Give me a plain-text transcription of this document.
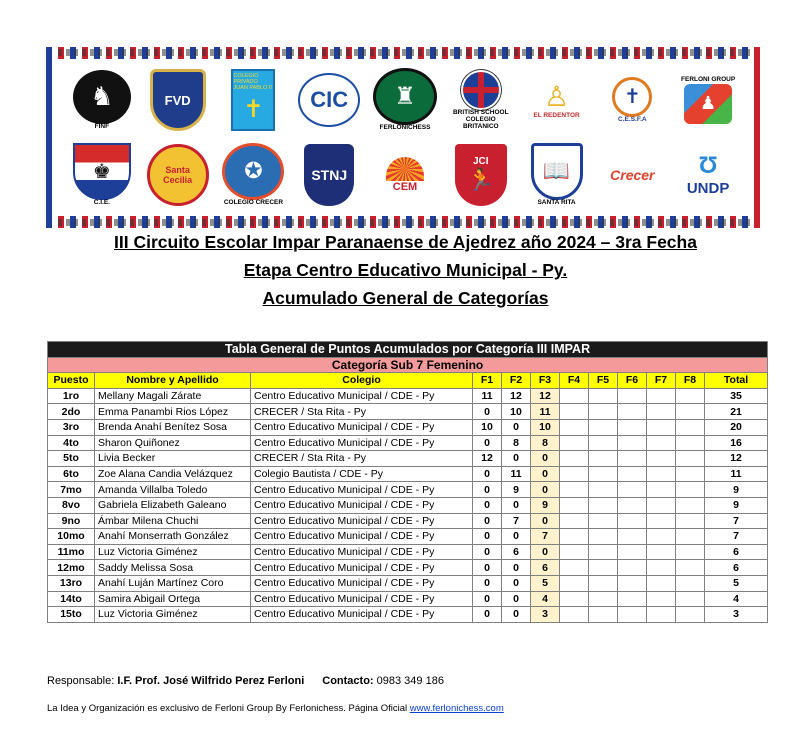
♞
FINF
FVD
COLEGIO PRIVADO JUAN PABLO II
✝	CIC	♜
FERLONICHESS
BRITISH SCHOOL COLEGIO BRITANICO
♙
EL REDENTOR
✝
C.E.S.F.A
FERLONI GROUP
♟
♚
C.I.E.
Santa Cecilia	✪
COLEGIO CRECER
STNJ
CEM
JCI
🏃	📖
SANTA RITA
Crecer Ʊ
UNDP
III Circuito Escolar Impar Paranaense de Ajedrez año 2024 – 3ra Fecha
Etapa Centro Educativo Municipal - Py.
Acumulado General de Categorías
Tabla General de Puntos Acumulados por Categoría III IMPAR											
Categoría Sub 7 Femenino											
Puesto	Nombre y Apellido	Colegio	F1	F2	F3	F4	F5	F6	F7	F8	Total
1ro	Mellany Magali Zárate	Centro Educativo Municipal / CDE - Py	11	12	12						35
2do	Emma Panambi Rios López	CRECER / Sta Rita - Py	0	10	11						21
3ro	Brenda Anahí Benítez Sosa	Centro Educativo Municipal / CDE - Py	10	0	10						20
4to	Sharon Quiñonez	Centro Educativo Municipal / CDE - Py	0	8	8						16
5to	Livia Becker	CRECER / Sta Rita - Py	12	0	0						12
6to	Zoe Alana Candia Velázquez	Colegio Bautista / CDE - Py	0	11	0						11
7mo	Amanda Villalba Toledo	Centro Educativo Municipal / CDE - Py	0	9	0						9
8vo	Gabriela Elizabeth Galeano	Centro Educativo Municipal / CDE - Py	0	0	9						9
9no	Ámbar Milena Chuchi	Centro Educativo Municipal / CDE - Py	0	7	0						7
10mo	Anahí Monserrath González	Centro Educativo Municipal / CDE - Py	0	0	7						7
11mo	Luz Victoria Giménez	Centro Educativo Municipal / CDE - Py	0	6	0						6
12mo	Saddy Melissa Sosa	Centro Educativo Municipal / CDE - Py	0	0	6						6
13ro	Anahí Luján Martínez Coro	Centro Educativo Municipal / CDE - Py	0	0	5						5
14to	Samira Abigail Ortega	Centro Educativo Municipal / CDE - Py	0	0	4						4
15to	Luz Victoria Giménez	Centro Educativo Municipal / CDE - Py	0	0	3						3
Responsable: I.F. Prof. José Wilfrido Perez Ferloni Contacto: 0983 349 186
La Idea y Organización es exclusivo de Ferloni Group By Ferlonichess. Página Oficial www.ferlonichess.com
